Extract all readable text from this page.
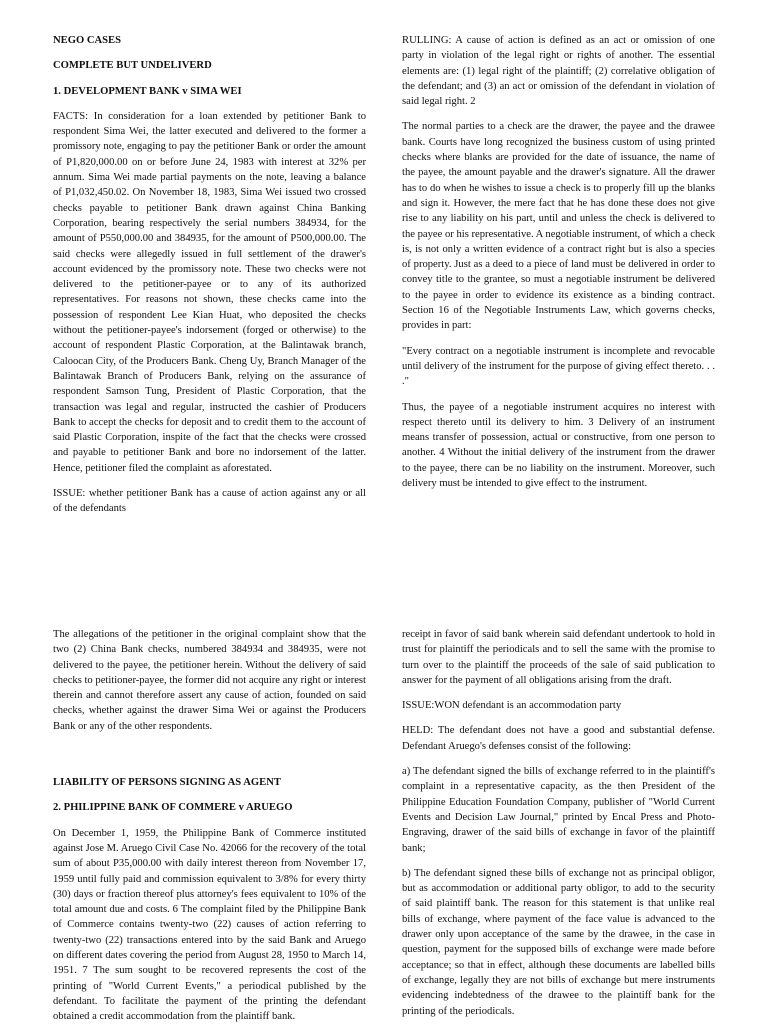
NEGO CASES

COMPLETE BUT UNDELIVERD

1. DEVELOPMENT BANK v SIMA WEI

FACTS: In consideration for a loan extended by petitioner Bank to respondent Sima Wei, the latter executed and delivered to the former a promissory note, engaging to pay the petitioner Bank or order the amount of P1,820,000.00 on or before June 24, 1983 with interest at 32% per annum. Sima Wei made partial payments on the note, leaving a balance of P1,032,450.02. On November 18, 1983, Sima Wei issued two crossed checks payable to petitioner Bank drawn against China Banking Corporation, bearing respectively the serial numbers 384934, for the amount of P550,000.00 and 384935, for the amount of P500,000.00. The said checks were allegedly issued in full settlement of the drawer's account evidenced by the promissory note. These two checks were not delivered to the petitioner-payee or to any of its authorized representatives. For reasons not shown, these checks came into the possession of respondent Lee Kian Huat, who deposited the checks without the petitioner-payee's indorsement (forged or otherwise) to the account of respondent Plastic Corporation, at the Balintawak branch, Caloocan City, of the Producers Bank. Cheng Uy, Branch Manager of the Balintawak Branch of Producers Bank, relying on the assurance of respondent Samson Tung, President of Plastic Corporation, that the transaction was legal and regular, instructed the cashier of Producers Bank to accept the checks for deposit and to credit them to the account of said Plastic Corporation, inspite of the fact that the checks were crossed and payable to petitioner Bank and bore no indorsement of the latter. Hence, petitioner filed the complaint as aforestated.

ISSUE: whether petitioner Bank has a cause of action against any or all of the defendants

RULLING: A cause of action is defined as an act or omission of one party in violation of the legal right or rights of another. The essential elements are: (1) legal right of the plaintiff; (2) correlative obligation of the defendant; and (3) an act or omission of the defendant in violation of said legal right. 2

The normal parties to a check are the drawer, the payee and the drawee bank. Courts have long recognized the business custom of using printed checks where blanks are provided for the date of issuance, the name of the payee, the amount payable and the drawer's signature. All the drawer has to do when he wishes to issue a check is to properly fill up the blanks and sign it. However, the mere fact that he has done these does not give rise to any liability on his part, until and unless the check is delivered to the payee or his representative. A negotiable instrument, of which a check is, is not only a written evidence of a contract right but is also a species of property. Just as a deed to a piece of land must be delivered in order to convey title to the grantee, so must a negotiable instrument be delivered to the payee in order to evidence its existence as a binding contract. Section 16 of the Negotiable Instruments Law, which governs checks, provides in part:

"Every contract on a negotiable instrument is incomplete and revocable until delivery of the instrument for the purpose of giving effect thereto. . . ."

Thus, the payee of a negotiable instrument acquires no interest with respect thereto until its delivery to him. 3 Delivery of an instrument means transfer of possession, actual or constructive, from one person to another. 4 Without the initial delivery of the instrument from the drawer to the payee, there can be no liability on the instrument. Moreover, such delivery must be intended to give effect to the instrument.

The allegations of the petitioner in the original complaint show that the two (2) China Bank checks, numbered 384934 and 384935, were not delivered to the payee, the petitioner herein. Without the delivery of said checks to petitioner-payee, the former did not acquire any right or interest therein and cannot therefore assert any cause of action, founded on said checks, whether against the drawer Sima Wei or against the Producers Bank or any of the other respondents.

LIABILITY OF PERSONS SIGNING AS AGENT

2. PHILIPPINE BANK OF COMMERE v ARUEGO

On December 1, 1959, the Philippine Bank of Commerce instituted against Jose M. Aruego Civil Case No. 42066 for the recovery of the total sum of about P35,000.00 with daily interest thereon from November 17, 1959 until fully paid and commission equivalent to 3/8% for every thirty (30) days or fraction thereof plus attorney's fees equivalent to 10% of the total amount due and costs. 6 The complaint filed by the Philippine Bank of Commerce contains twenty-two (22) causes of action referring to twenty-two (22) transactions entered into by the said Bank and Aruego on different dates covering the period from August 28, 1950 to March 14, 1951. 7 The sum sought to be recovered represents the cost of the printing of "World Current Events," a periodical published by the defendant. To facilitate the payment of the printing the defendant obtained a credit accommodation from the plaintiff bank.

receipt in favor of said bank wherein said defendant undertook to hold in trust for plaintiff the periodicals and to sell the same with the promise to turn over to the plaintiff the proceeds of the sale of said publication to answer for the payment of all obligations arising from the draft.

ISSUE:WON defendant is an accommodation party

HELD: The defendant does not have a good and substantial defense. Defendant Aruego's defenses consist of the following:

a) The defendant signed the bills of exchange referred to in the plaintiff's complaint in a representative capacity, as the then President of the Philippine Education Foundation Company, publisher of "World Current Events and Decision Law Journal," printed by Encal Press and Photo-Engraving, drawer of the said bills of exchange in favor of the plaintiff bank;

b) The defendant signed these bills of exchange not as principal obligor, but as accommodation or additional party obligor, to add to the security of said plaintiff bank. The reason for this statement is that unlike real bills of exchange, where payment of the face value is advanced to the drawer only upon acceptance of the same by the drawee, in the case in question, payment for the supposed bills of exchange were made before acceptance; so that in effect, although these documents are labelled bills of exchange, legally they are not bills of exchange but mere instruments evidencing indebtedness of the drawee to the plaintiff bank for the printing of the periodicals.
